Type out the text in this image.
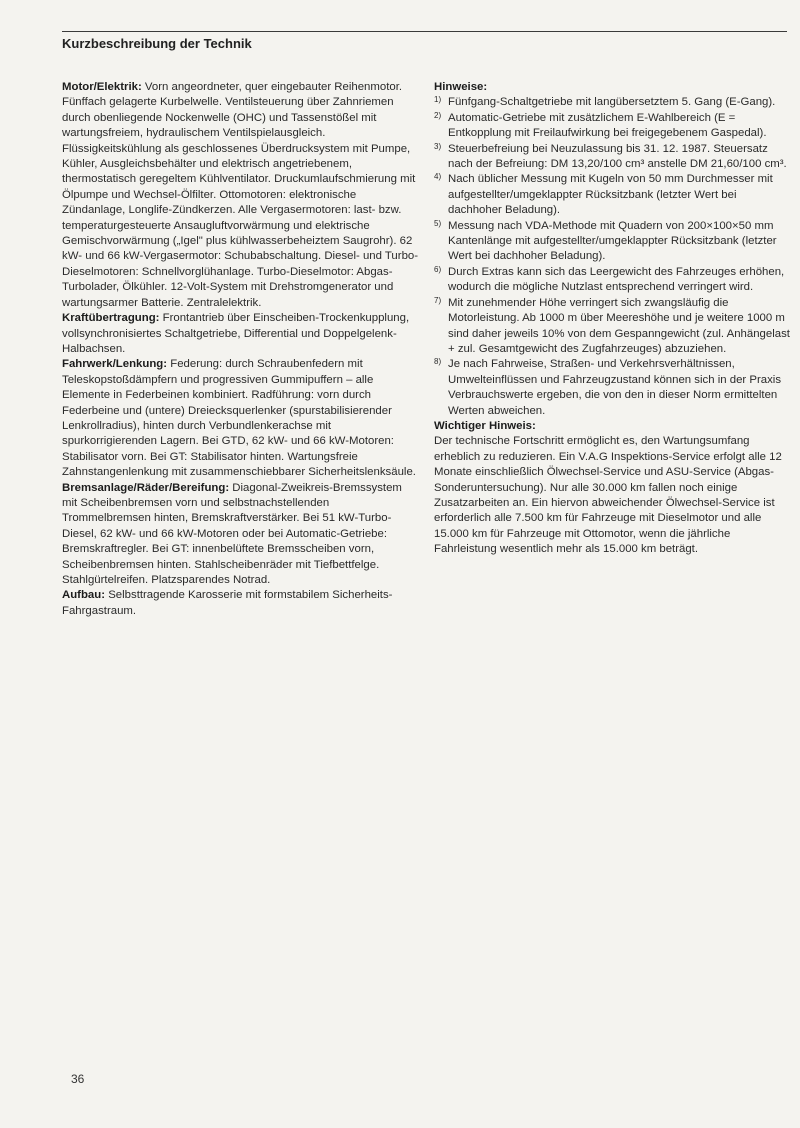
Kurzbeschreibung der Technik

Motor/Elektrik: Vorn angeordneter, quer eingebauter Reihenmotor. Fünffach gelagerte Kurbelwelle. Ventilsteuerung über Zahnriemen durch obenliegende Nockenwelle (OHC) und Tassenstößel mit wartungsfreiem, hydraulischem Ventilspielausgleich. Flüssigkeitskühlung als geschlossenes Überdrucksystem mit Pumpe, Kühler, Ausgleichsbehälter und elektrisch angetriebenem, thermostatisch geregeltem Kühlventilator. Druckumlaufschmierung mit Ölpumpe und Wechsel-Ölfilter. Ottomotoren: elektronische Zündanlage, Longlife-Zündkerzen. Alle Vergasermotoren: last- bzw. temperaturgesteuerte Ansaugluftvorwärmung und elektrische Gemischvorwärmung („Igel" plus kühlwasserbeheiztem Saugrohr). 62 kW- und 66 kW-Vergasermotor: Schubabschaltung. Diesel- und Turbo-Dieselmotoren: Schnellvorglühanlage. Turbo-Dieselmotor: Abgas-Turbolader, Ölkühler. 12-Volt-System mit Drehstromgenerator und wartungsarmer Batterie. Zentralelektrik.

Kraftübertragung: Frontantrieb über Einscheiben-Trockenkupplung, vollsynchronisiertes Schaltgetriebe, Differential und Doppelgelenk-Halbachsen.

Fahrwerk/Lenkung: Federung: durch Schraubenfedern mit Teleskopstoßdämpfern und progressiven Gummipuffern – alle Elemente in Federbeinen kombiniert. Radführung: vorn durch Federbeine und (untere) Dreiecksquerlenker (spurstabilisierender Lenkrollradius), hinten durch Verbundlenkerachse mit spurkorrigierenden Lagern. Bei GTD, 62 kW- und 66 kW-Motoren: Stabilisator vorn. Bei GT: Stabilisator hinten. Wartungsfreie Zahnstangenlenkung mit zusammenschiebbarer Sicherheitslenksäule.

Bremsanlage/Räder/Bereifung: Diagonal-Zweikreis-Bremssystem mit Scheibenbremsen vorn und selbstnachstellenden Trommelbremsen hinten, Bremskraftverstärker. Bei 51 kW-Turbo-Diesel, 62 kW- und 66 kW-Motoren oder bei Automatic-Getriebe: Bremskraftregler. Bei GT: innenbelüftete Bremsscheiben vorn, Scheibenbremsen hinten. Stahlscheibenräder mit Tiefbettfelge. Stahlgürtelreifen. Platzsparendes Notrad.

Aufbau: Selbsttragende Karosserie mit formstabilem Sicherheits-Fahrgastraum.

Hinweise:

1) Fünfgang-Schaltgetriebe mit langübersetztem 5. Gang (E-Gang).

2) Automatic-Getriebe mit zusätzlichem E-Wahlbereich (E = Entkopplung mit Freilaufwirkung bei freigegebenem Gaspedal).

3) Steuerbefreiung bei Neuzulassung bis 31. 12. 1987. Steuersatz nach der Befreiung: DM 13,20/100 cm³ anstelle DM 21,60/100 cm³.

4) Nach üblicher Messung mit Kugeln von 50 mm Durchmesser mit aufgestellter/umgeklappter Rücksitzbank (letzter Wert bei dachhoher Beladung).

5) Messung nach VDA-Methode mit Quadern von 200×100×50 mm Kantenlänge mit aufgestellter/umgeklappter Rücksitzbank (letzter Wert bei dachhoher Beladung).

6) Durch Extras kann sich das Leergewicht des Fahrzeuges erhöhen, wodurch die mögliche Nutzlast entsprechend verringert wird.

7) Mit zunehmender Höhe verringert sich zwangsläufig die Motorleistung. Ab 1000 m über Meereshöhe und je weitere 1000 m sind daher jeweils 10% von dem Gespanngewicht (zul. Anhängelast + zul. Gesamtgewicht des Zugfahrzeuges) abzuziehen.

8) Je nach Fahrweise, Straßen- und Verkehrsverhältnissen, Umwelteinflüssen und Fahrzeugzustand können sich in der Praxis Verbrauchswerte ergeben, die von den in dieser Norm ermittelten Werten abweichen.

Wichtiger Hinweis:

Der technische Fortschritt ermöglicht es, den Wartungsumfang erheblich zu reduzieren. Ein V.A.G Inspektions-Service erfolgt alle 12 Monate einschließlich Ölwechsel-Service und ASU-Service (Abgas-Sonderuntersuchung). Nur alle 30.000 km fallen noch einige Zusatzarbeiten an. Ein hiervon abweichender Ölwechsel-Service ist erforderlich alle 7.500 km für Fahrzeuge mit Dieselmotor und alle 15.000 km für Fahrzeuge mit Ottomotor, wenn die jährliche Fahrleistung wesentlich mehr als 15.000 km beträgt.

36
